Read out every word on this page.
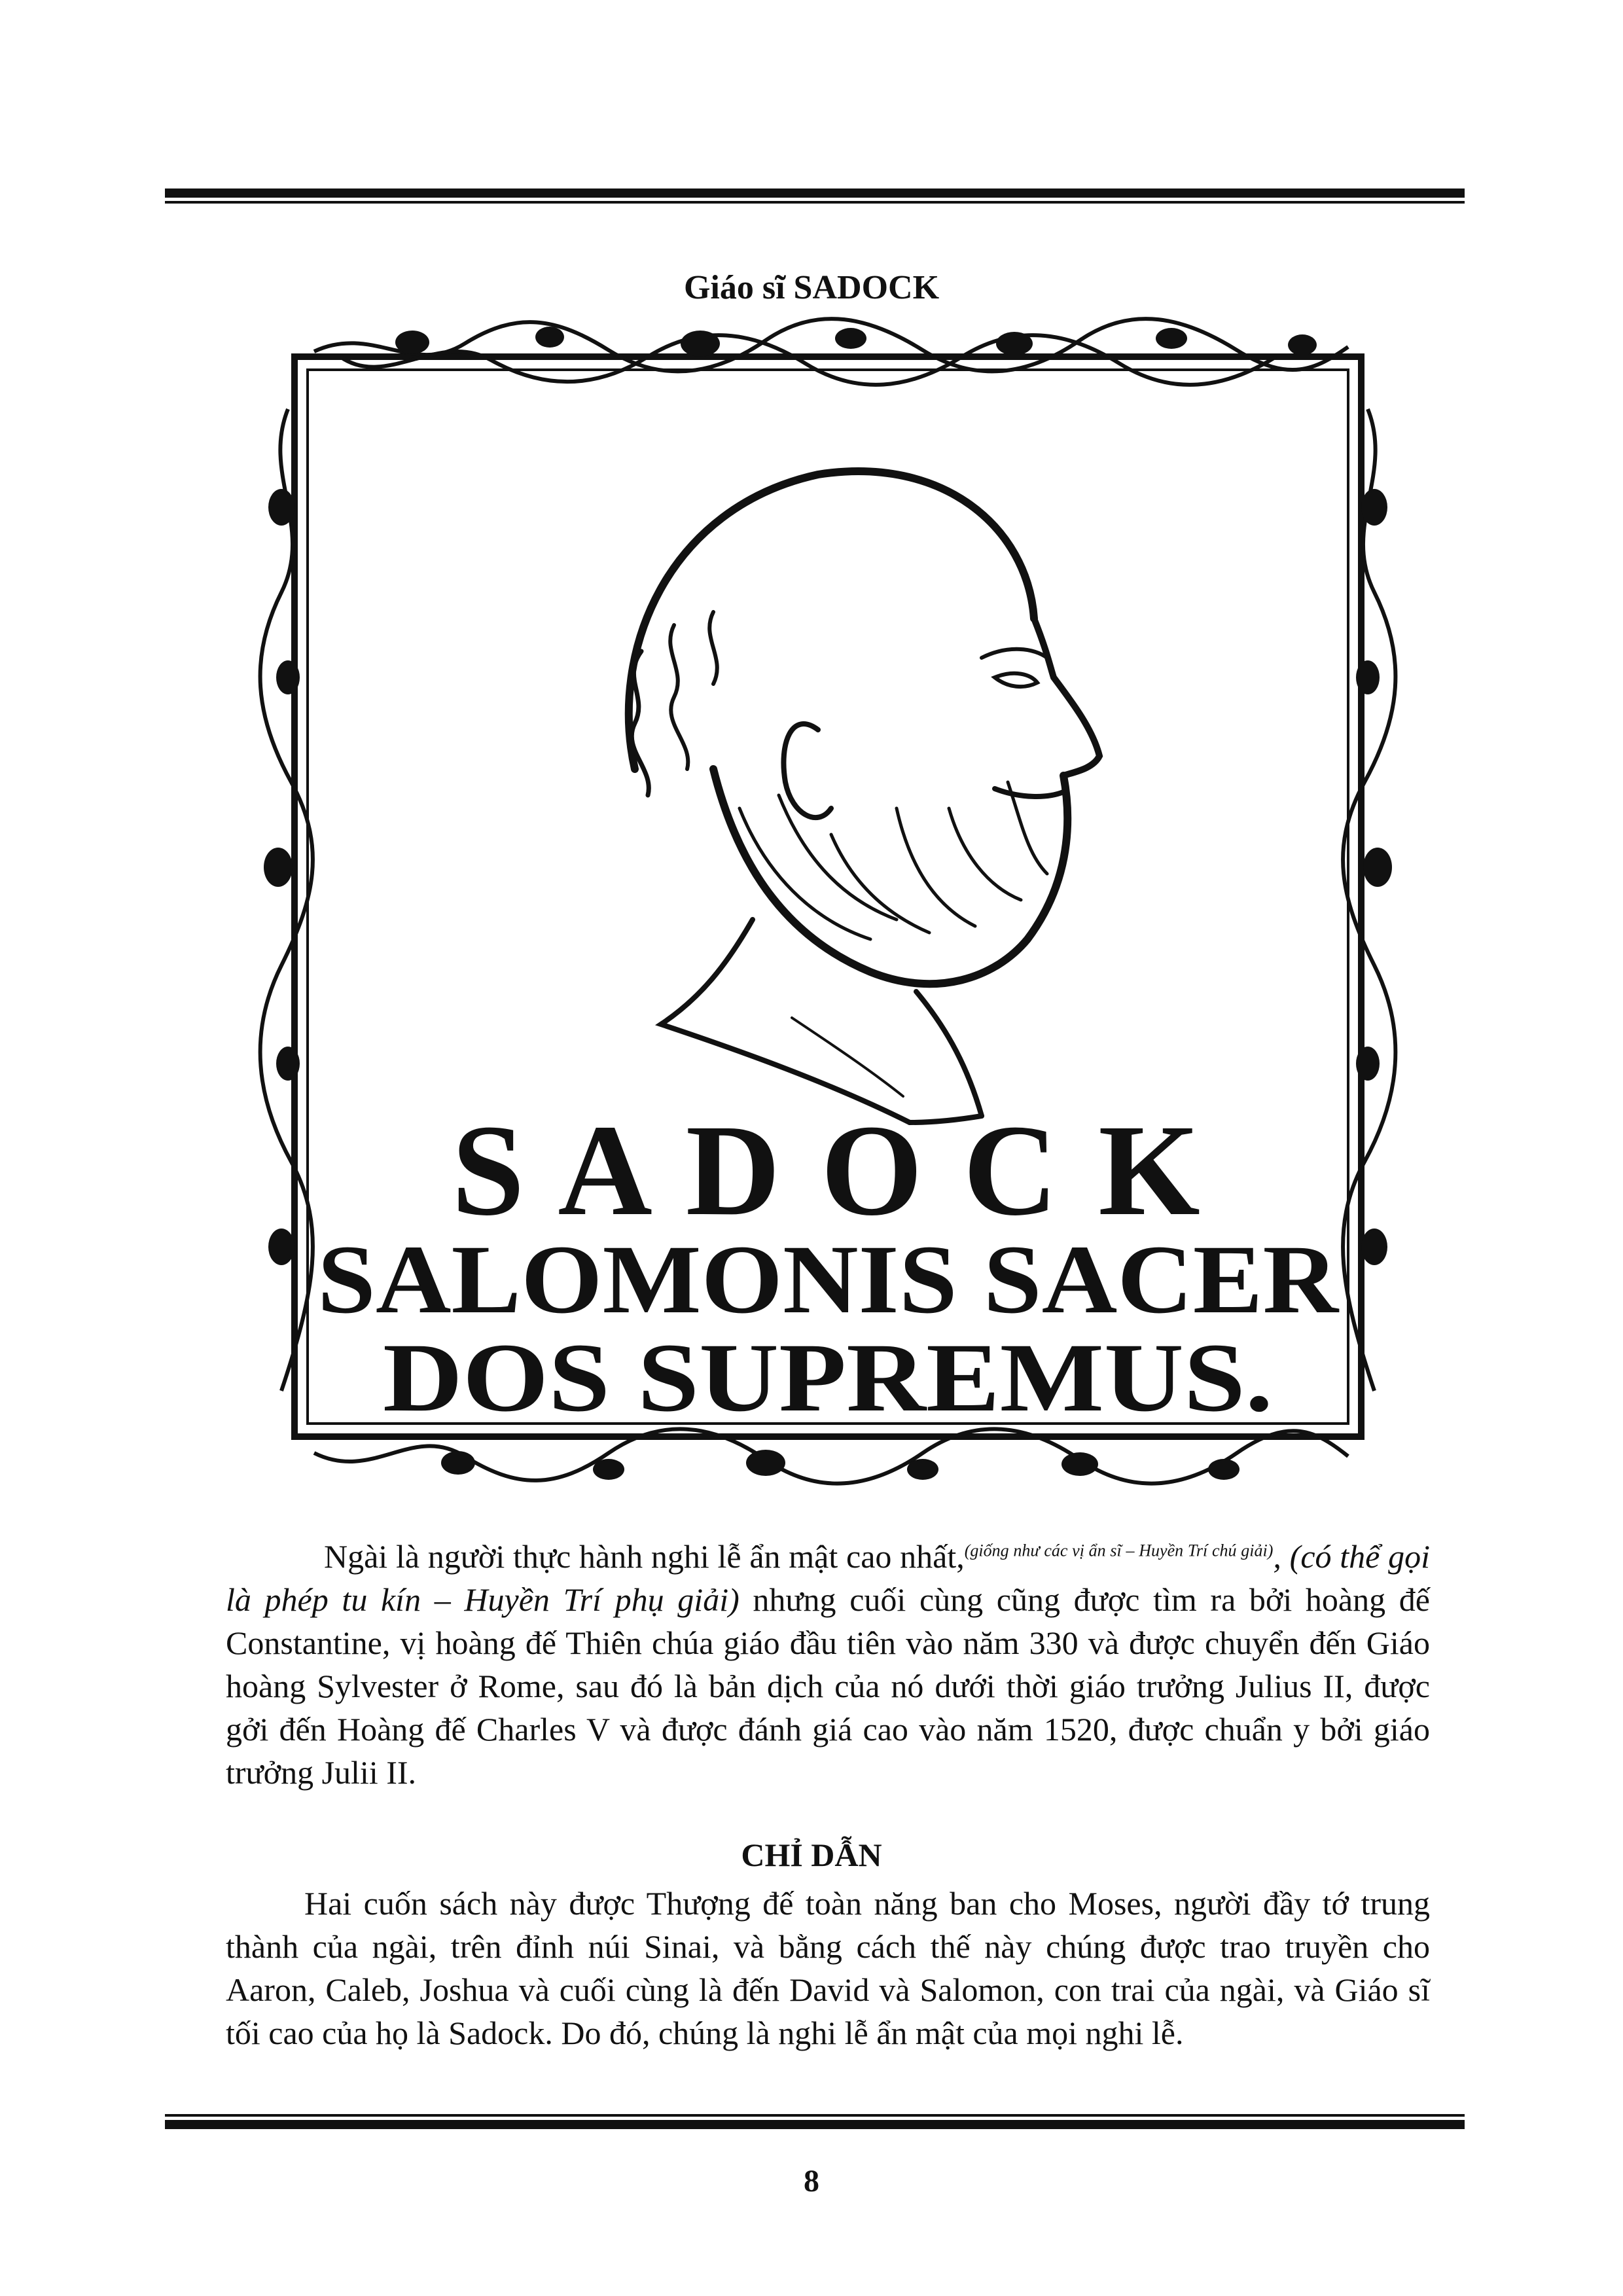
Giáo sĩ SADOCK
S A D O C K
SALOMONIS SACER
DOS SUPREMUS.
Ngài là người thực hành nghi lễ ẩn mật cao nhất,$^{(giống như các vị ẩn sĩ - Huyền Trí chú giải)}$, (có thể gọi là phép tu kín – Huyền Trí phụ giải) nhưng cuối cùng cũng được tìm ra bởi hoàng đế Constantine, vị hoàng đế Thiên chúa giáo đầu tiên vào năm 330 và được chuyển đến Giáo hoàng Sylvester ở Rome, sau đó là bản dịch của nó dưới thời giáo trưởng Julius II, được gởi đến Hoàng đế Charles V và được đánh giá cao vào năm 1520, được chuẩn y bởi giáo trưởng Julii II.
CHỈ DẪN
Hai cuốn sách này được Thượng đế toàn năng ban cho Moses, người đầy tớ trung thành của ngài, trên đỉnh núi Sinai, và bằng cách thế này chúng được trao truyền cho Aaron, Caleb, Joshua và cuối cùng là đến David và Salomon, con trai của ngài, và Giáo sĩ tối cao của họ là Sadock. Do đó, chúng là nghi lễ ẩn mật của mọi nghi lễ.
8
